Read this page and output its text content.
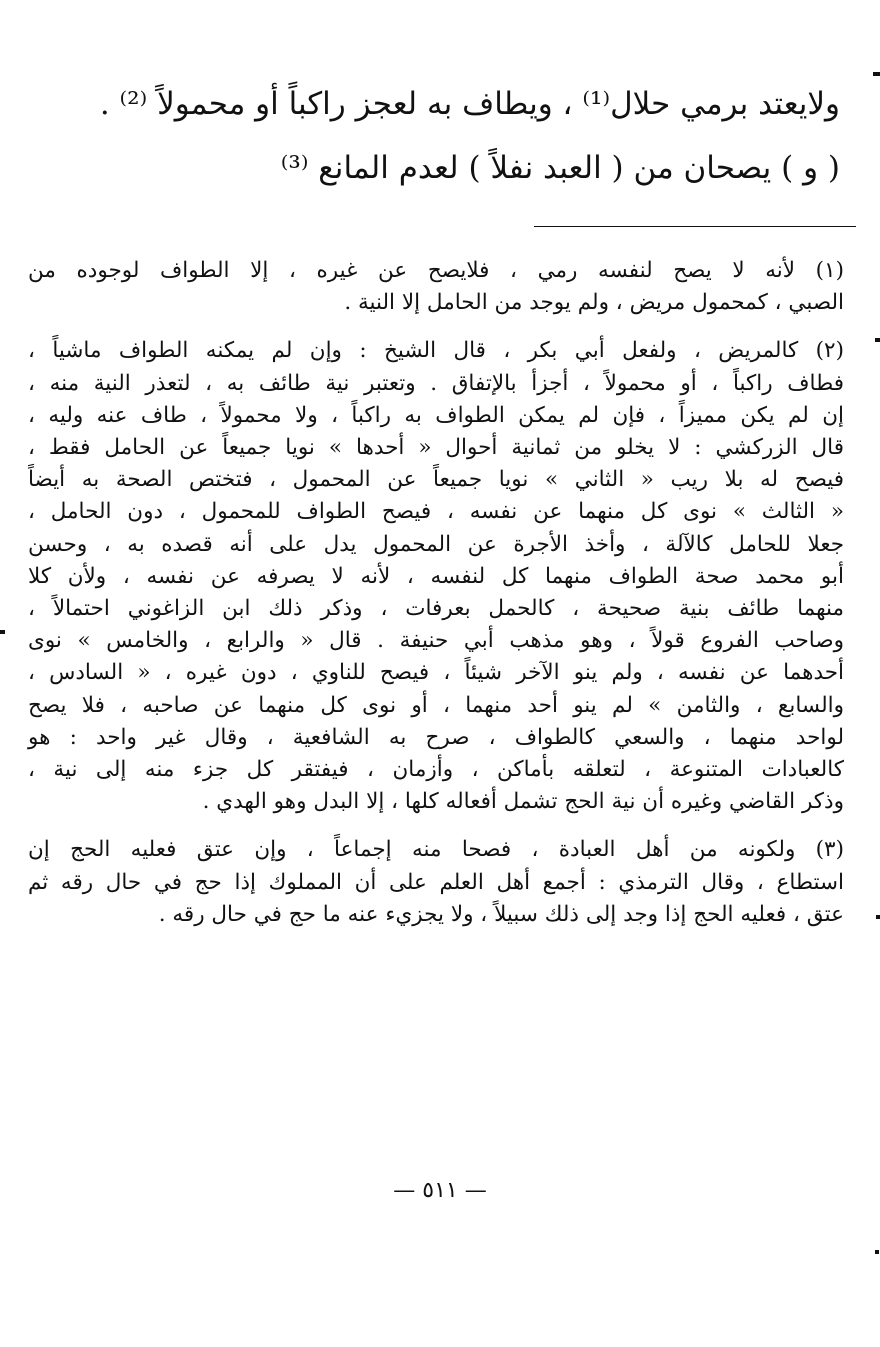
ولايعتد برمي حلال⁽¹⁾ ، ويطاف به لعجز راكباً أو محمولاً ⁽²⁾ .
( و ) يصحان من ( العبد نفلاً ) لعدم المانع ⁽³⁾
(١) لأنه لا يصح لنفسه رمي ، فلايصح عن غيره ، إلا الطواف لوجوده من
الصبي ، كمحمول مريض ، ولم يوجد من الحامل إلا النية .
(٢) كالمريض ، ولفعل أبي بكر ، قال الشيخ : وإن لم يمكنه الطواف ماشياً ،
فطاف راكباً ، أو محمولاً ، أجزأ بالإتفاق . وتعتبر نية طائف به ، لتعذر النية منه ،
إن لم يكن مميزاً ، فإن لم يمكن الطواف به راكباً ، ولا محمولاً ، طاف عنه وليه ،
قال الزركشي : لا يخلو من ثمانية أحوال « أحدها » نويا جميعاً عن الحامل فقط ،
فيصح له بلا ريب « الثاني » نويا جميعاً عن المحمول ، فتختص الصحة به أيضاً
« الثالث » نوى كل منهما عن نفسه ، فيصح الطواف للمحمول ، دون الحامل ،
جعلا للحامل كالآلة ، وأخذ الأجرة عن المحمول يدل على أنه قصده به ، وحسن
أبو محمد صحة الطواف منهما كل لنفسه ، لأنه لا يصرفه عن نفسه ، ولأن كلا
منهما طائف بنية صحيحة ، كالحمل بعرفات ، وذكر ذلك ابن الزاغوني احتمالاً ،
وصاحب الفروع قولاً ، وهو مذهب أبي حنيفة . قال « والرابع ، والخامس » نوى
أحدهما عن نفسه ، ولم ينو الآخر شيئاً ، فيصح للناوي ، دون غيره ، « السادس ،
والسابع ، والثامن » لم ينو أحد منهما ، أو نوى كل منهما عن صاحبه ، فلا يصح
لواحد منهما ، والسعي كالطواف ، صرح به الشافعية ، وقال غير واحد : هو
كالعبادات المتنوعة ، لتعلقه بأماكن ، وأزمان ، فيفتقر كل جزء منه إلى نية ،
وذكر القاضي وغيره أن نية الحج تشمل أفعاله كلها ، إلا البدل وهو الهدي .
(٣) ولكونه من أهل العبادة ، فصحا منه إجماعاً ، وإن عتق فعليه الحج إن
استطاع ، وقال الترمذي : أجمع أهل العلم على أن المملوك إذا حج في حال رقه ثم
عتق ، فعليه الحج إذا وجد إلى ذلك سبيلاً ، ولا يجزيء عنه ما حج في حال رقه .
— ٥١١ —
